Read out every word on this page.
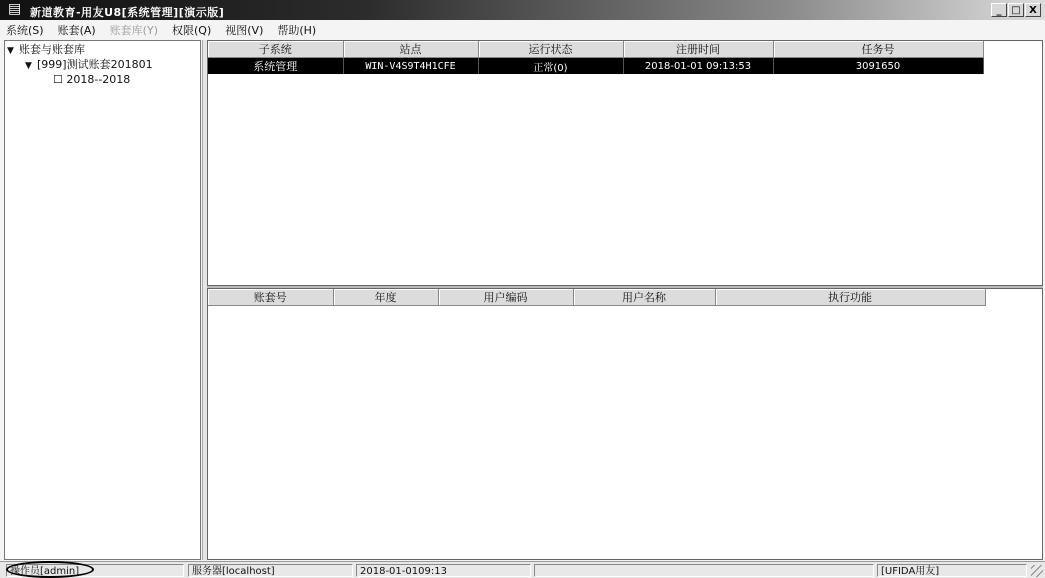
▤ 新道教育-用友U8[系统管理][演示版]	_ □ X
系统(S) 账套(A) 账套库(Y) 权限(Q) 视图(V) 帮助(H)
▼ 账套与账套库
▼ [999]测试账套201801
☐ 2018--2018
子系统	站点	运行状态	注册时间	任务号
系统管理	WIN-V4S9T4H1CFE	正常(0)	2018-01-01 09:13:53	3091650
账套号	年度	用户编码	用户名称	执行功能
操作员[admin]	服务器[localhost]	2018-01-0109:13	[UFIDA用友]
